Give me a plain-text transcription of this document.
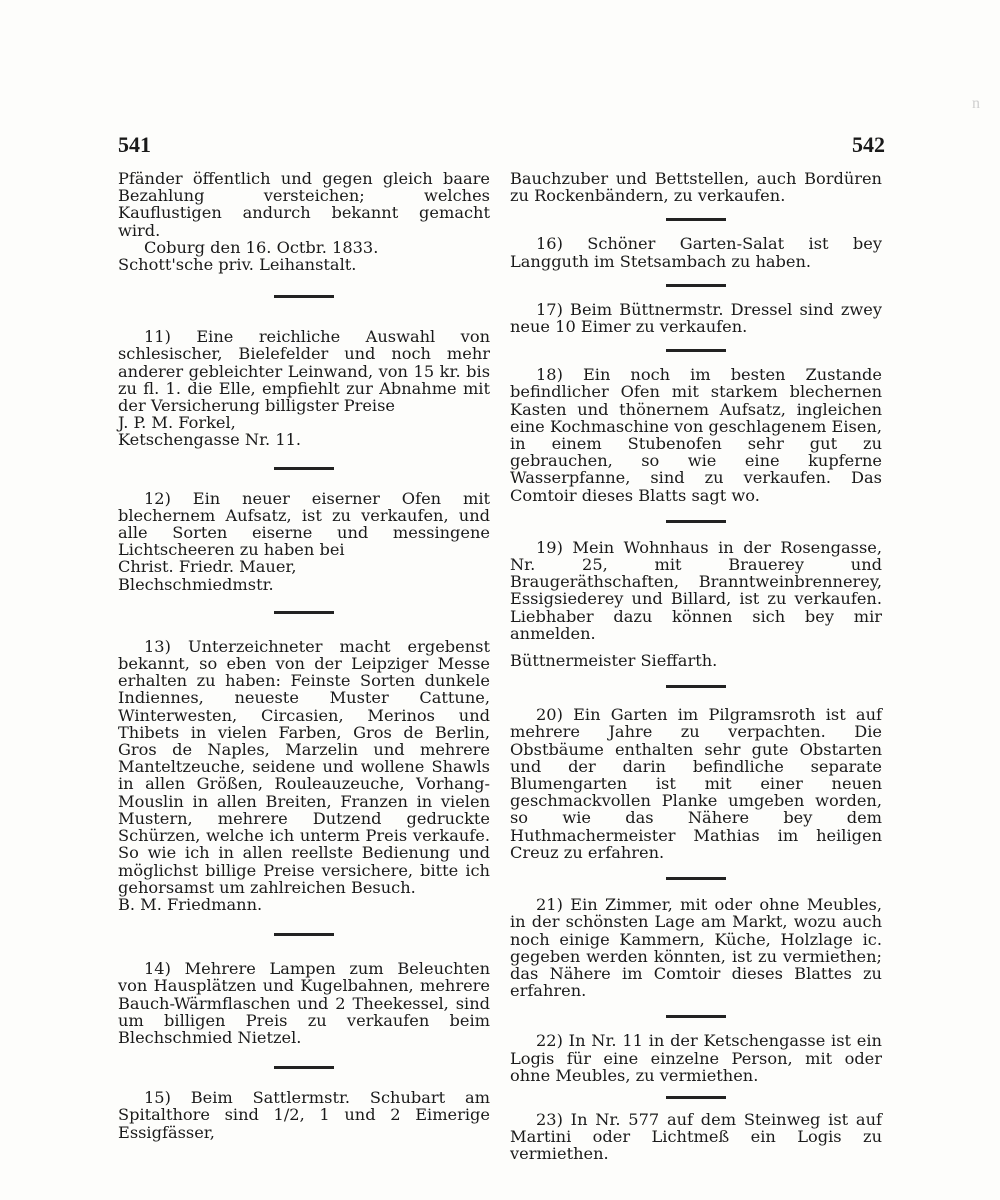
n
541	542

Pfänder öffentlich und gegen gleich baare Bezahlung versteichen; welches Kauflustigen andurch bekannt gemacht wird.

Coburg den 16. Octbr. 1833.

Schott'sche priv. Leihanstalt.

11) Eine reichliche Auswahl von schlesischer, Bielefelder und noch mehr anderer gebleichter Leinwand, von 15 kr. bis zu fl. 1. die Elle, empfiehlt zur Abnahme mit der Versicherung billigster Preise

J. P. M. Forkel,

Ketschengasse Nr. 11.

12) Ein neuer eiserner Ofen mit blechernem Aufsatz, ist zu verkaufen, und alle Sorten eiserne und messingene Lichtscheeren zu haben bei

Christ. Friedr. Mauer,

Blechschmiedmstr.

13) Unterzeichneter macht ergebenst bekannt, so eben von der Leipziger Messe erhalten zu haben: Feinste Sorten dunkele Indiennes, neueste Muster Cattune, Winterwesten, Circasien, Merinos und Thibets in vielen Farben, Gros de Berlin, Gros de Naples, Marzelin und mehrere Manteltzeuche, seidene und wollene Shawls in allen Größen, Rouleauzeuche, Vorhang-Mouslin in allen Breiten, Franzen in vielen Mustern, mehrere Dutzend gedruckte Schürzen, welche ich unterm Preis verkaufe. So wie ich in allen reellste Bedienung und möglichst billige Preise versichere, bitte ich gehorsamst um zahlreichen Besuch.

B. M. Friedmann.

14) Mehrere Lampen zum Beleuchten von Hausplätzen und Kugelbahnen, mehrere Bauch-Wärmflaschen und 2 Theekessel, sind um billigen Preis zu verkaufen beim Blechschmied Nietzel.

15) Beim Sattlermstr. Schubart am Spitalthore sind 1/2, 1 und 2 Eimerige Essigfässer,

Bauchzuber und Bettstellen, auch Bordüren zu Rockenbändern, zu verkaufen.

16) Schöner Garten-Salat ist bey Langguth im Stetsambach zu haben.

17) Beim Büttnermstr. Dressel sind zwey neue 10 Eimer zu verkaufen.

18) Ein noch im besten Zustande befindlicher Ofen mit starkem blechernen Kasten und thönernem Aufsatz, ingleichen eine Kochmaschine von geschlagenem Eisen, in einem Stubenofen sehr gut zu gebrauchen, so wie eine kupferne Wasserpfanne, sind zu verkaufen. Das Comtoir dieses Blatts sagt wo.

19) Mein Wohnhaus in der Rosengasse, Nr. 25, mit Brauerey und Braugeräthschaften, Branntweinbrennerey, Essigsiederey und Billard, ist zu verkaufen. Liebhaber dazu können sich bey mir anmelden.

Büttnermeister Sieffarth.

20) Ein Garten im Pilgramsroth ist auf mehrere Jahre zu verpachten. Die Obstbäume enthalten sehr gute Obstarten und der darin befindliche separate Blumengarten ist mit einer neuen geschmackvollen Planke umgeben worden, so wie das Nähere bey dem Huthmachermeister Mathias im heiligen Creuz zu erfahren.

21) Ein Zimmer, mit oder ohne Meubles, in der schönsten Lage am Markt, wozu auch noch einige Kammern, Küche, Holzlage ic. gegeben werden könnten, ist zu vermiethen; das Nähere im Comtoir dieses Blattes zu erfahren.

22) In Nr. 11 in der Ketschengasse ist ein Logis für eine einzelne Person, mit oder ohne Meubles, zu vermiethen.

23) In Nr. 577 auf dem Steinweg ist auf Martini oder Lichtmeß ein Logis zu vermiethen.
